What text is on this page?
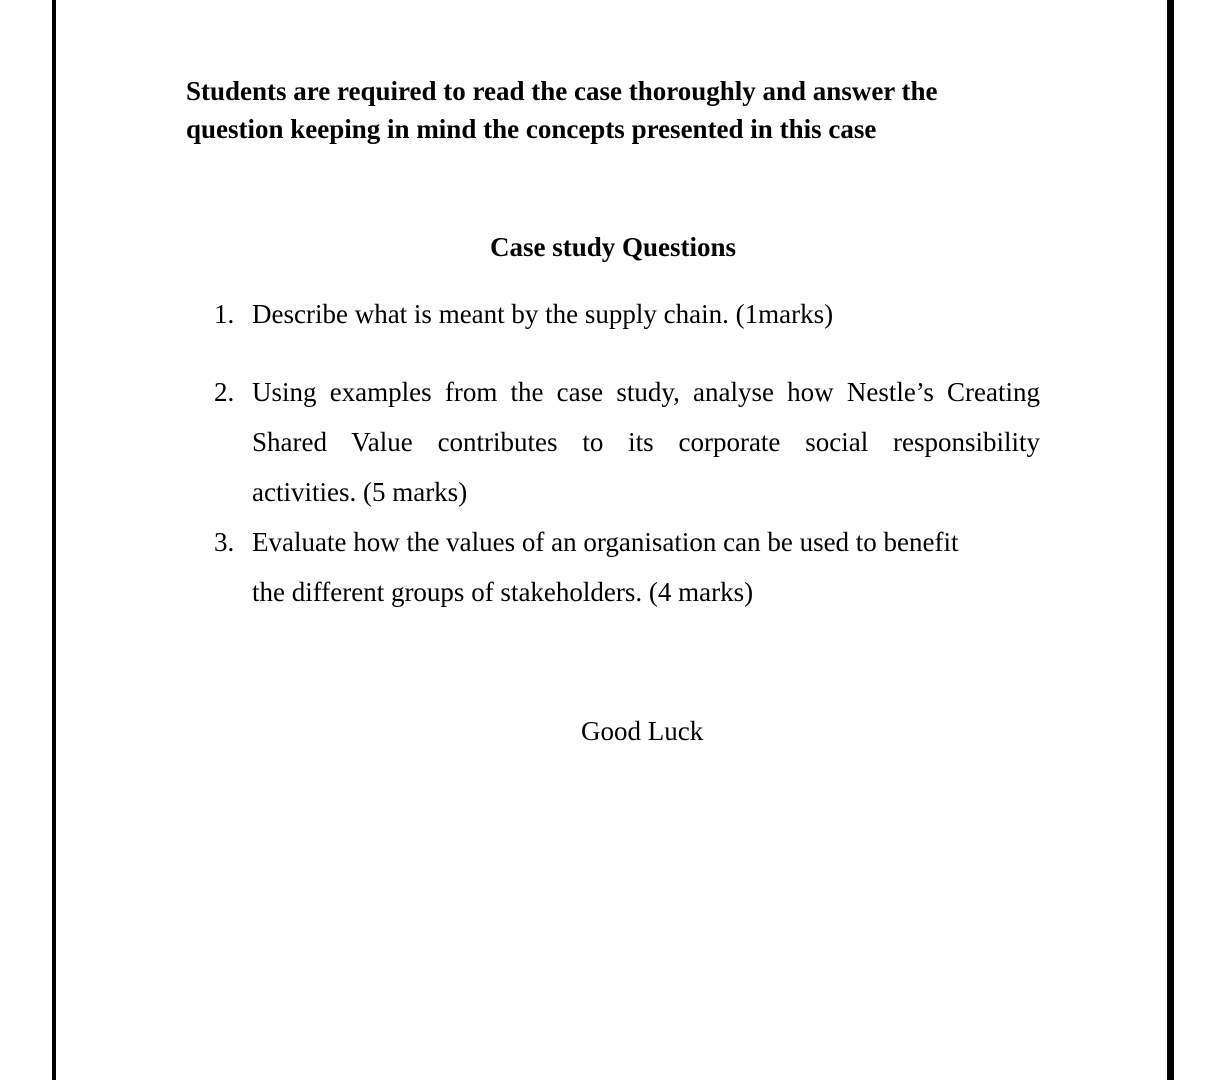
Students are required to read the case thoroughly and answer the
question keeping in mind the concepts presented in this case
Case study Questions
1. Describe what is meant by the supply chain. (1marks)
2. Using examples from the case study, analyse how Nestle’s Creating
Shared Value contributes to its corporate social responsibility
activities. (5 marks)
3. Evaluate how the values of an organisation can be used to benefit
the different groups of stakeholders. (4 marks)
Good Luck
